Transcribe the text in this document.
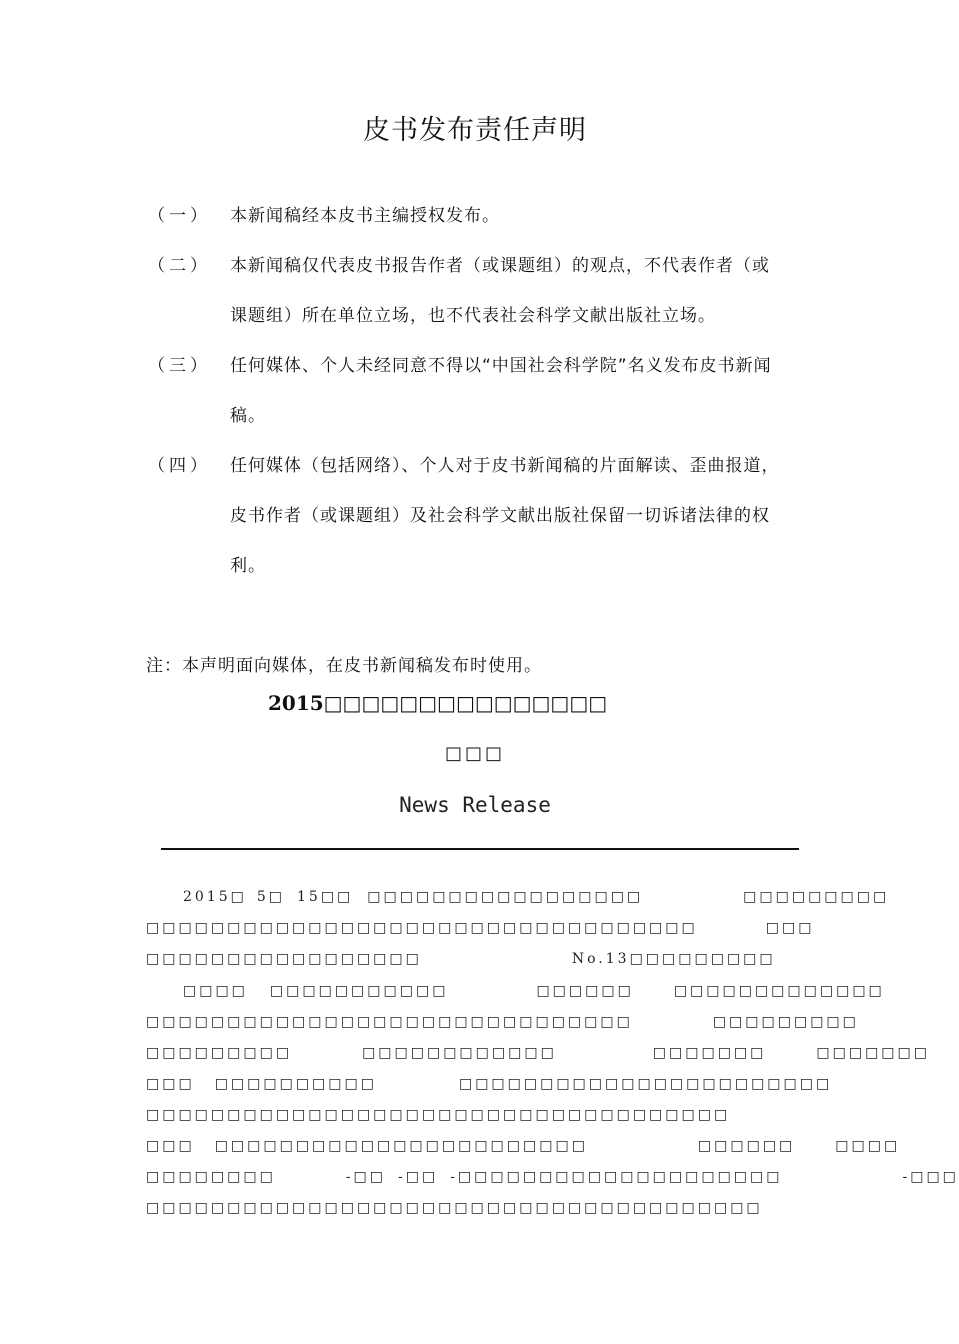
皮书发布责任声明
（一） 本新闻稿经本皮书主编授权发布。
（二） 本新闻稿仅代表皮书报告作者（或课题组）的观点，不代表作者（或
课题组）所在单位立场，也不代表社会科学文献出版社立场。
（三） 任何媒体、个人未经同意不得以“中国社会科学院”名义发布皮书新闻
稿。
（四） 任何媒体（包括网络）、个人对于皮书新闻稿的片面解读、歪曲报道，
皮书作者（或课题组）及社会科学文献出版社保留一切诉诸法律的权
利。
注：本声明面向媒体，在皮书新闻稿发布时使用。
2015□□□□□□□□□□□□□□□
□□□
News Release
2015□ 5□ 15□□ □□□□□□□□□□□□□□□□□	□□□□□□□□□
□□□□□□□□□□□□□□□□□□□□□□□□□□□□□□□□□□	□□□
□□□□□□□□□□□□□□□□□	No.13□□□□□□□□□
□□□□ □□□□□□□□□□□	□□□□□□	□□□□□□□□□□□□□
□□□□□□□□□□□□□□□□□□□□□□□□□□□□□□	□□□□□□□□□
□□□□□□□□□	□□□□□□□□□□□□	□□□□□□□	□□□□□□□
□□□ □□□□□□□□□□	□□□□□□□□□□□□□□□□□□□□□□□
□□□□□□□□□□□□□□□□□□□□□□□□□□□□□□□□□□□□
□□□ □□□□□□□□□□□□□□□□□□□□□□□	□□□□□□	□□□□
□□□□□□□□	-□□ -□□ -□□□□□□□□□□□□□□□□□□□□	-□□□
□□□□□□□□□□□□□□□□□□□□□□□□□□□□□□□□□□□□□□
